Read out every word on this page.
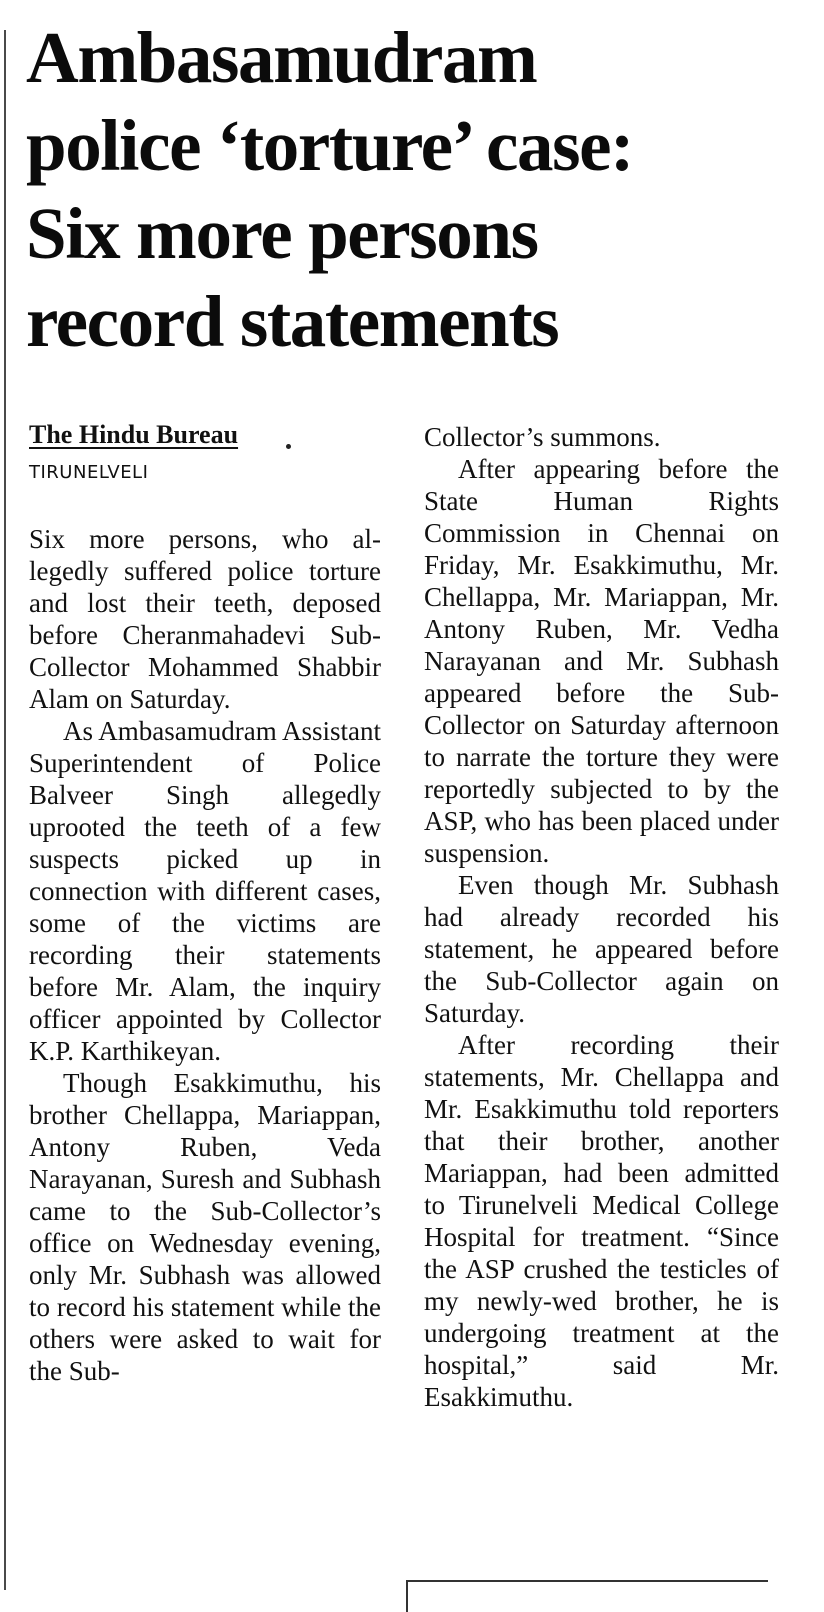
Ambasamudram
police ‘torture’ case:
Six more persons
record statements
The Hindu Bureau
TIRUNELVELI

Six more persons, who allegedly suffered police torture and lost their teeth, deposed before Cheranmahadevi Sub-Collector Mohammed Shabbir Alam on Saturday.

As Ambasamudram Assistant Superintendent of Police Balveer Singh allegedly uprooted the teeth of a few suspects picked up in connection with different cases, some of the victims are recording their statements before Mr. Alam, the inquiry officer appointed by Collector K.P. Karthikeyan.

Though Esakkimuthu, his brother Chellappa, Mariappan, Antony Ruben, Veda Narayanan, Suresh and Subhash came to the Sub-Collector’s office on Wednesday evening, only Mr. Subhash was allowed to record his statement while the others were asked to wait for the Sub-

Collector’s summons.

After appearing before the State Human Rights Commission in Chennai on Friday, Mr. Esakkimuthu, Mr. Chellappa, Mr. Mariappan, Mr. Antony Ruben, Mr. Vedha Narayanan and Mr. Subhash appeared before the Sub-Collector on Saturday afternoon to narrate the torture they were reportedly subjected to by the ASP, who has been placed under suspension.

Even though Mr. Subhash had already recorded his statement, he appeared before the Sub-Collector again on Saturday.

After recording their statements, Mr. Chellappa and Mr. Esakkimuthu told reporters that their brother, another Mariappan, had been admitted to Tirunelveli Medical College Hospital for treatment. “Since the ASP crushed the testicles of my newly-wed brother, he is undergoing treatment at the hospital,” said Mr. Esakkimuthu.
